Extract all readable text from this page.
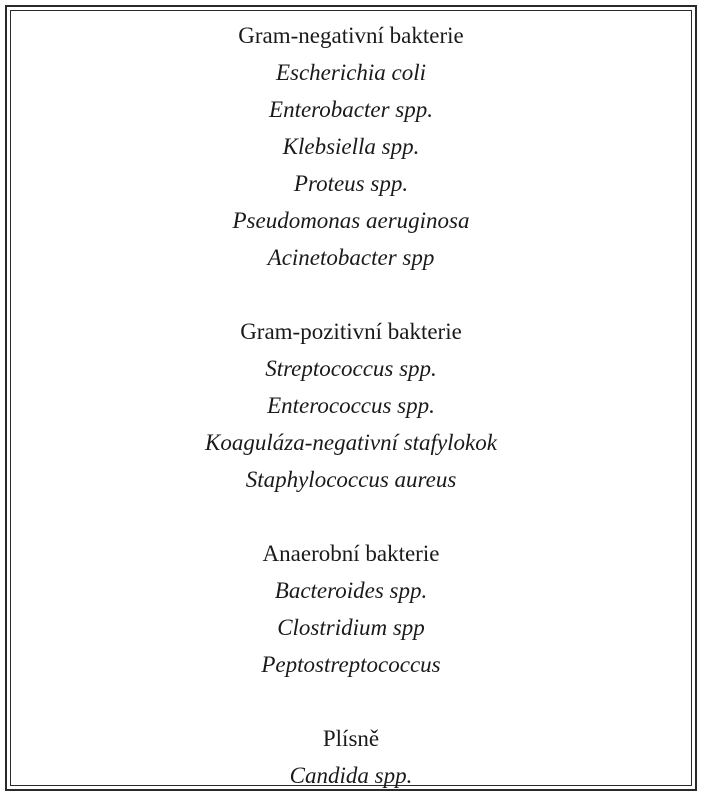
Gram-negativní bakterie
Escherichia coli
Enterobacter spp.
Klebsiella spp.
Proteus spp.
Pseudomonas aeruginosa
Acinetobacter spp
Gram-pozitivní bakterie
Streptococcus spp.
Enterococcus spp.
Koaguláza-negativní stafylokok
Staphylococcus aureus
Anaerobní bakterie
Bacteroides spp.
Clostridium spp
Peptostreptococcus
Plísně
Candida spp.
